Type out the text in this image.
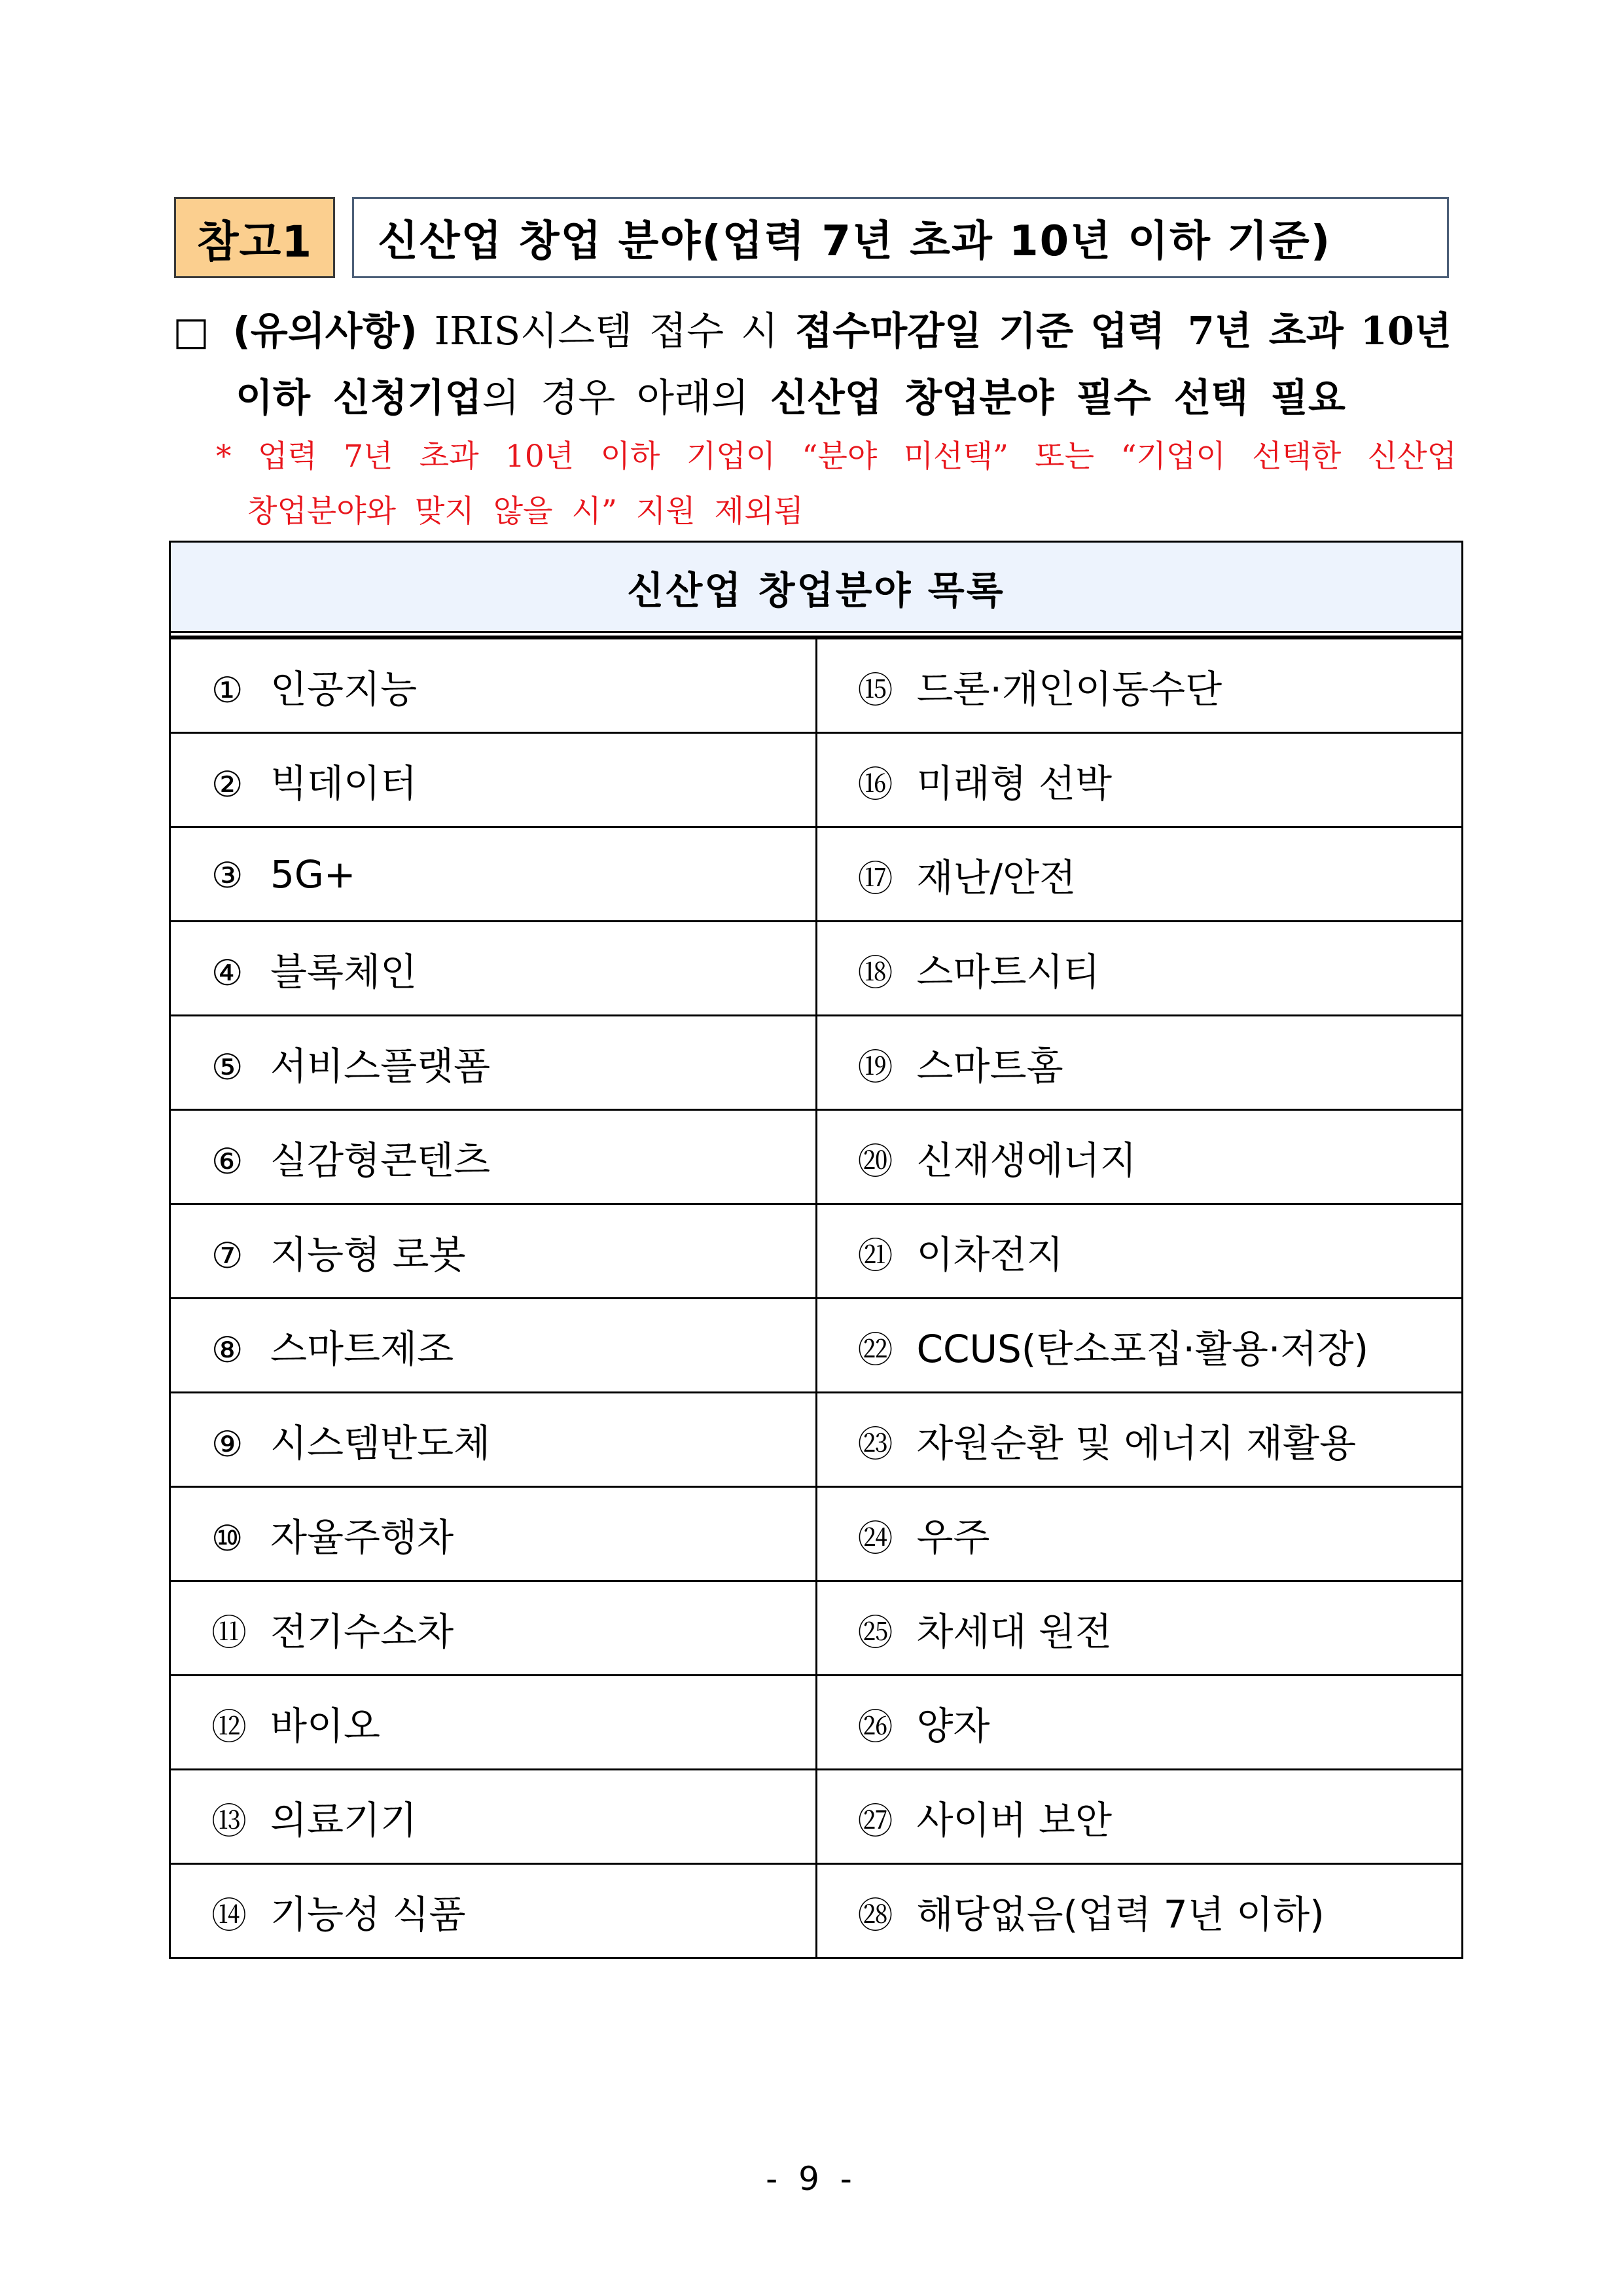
참고1	신산업 창업 분야(업력 7년 초과 10년 이하 기준)
□ (유의사항) IRIS시스템 접수 시 접수마감일 기준 업력 7년 초과 10년
이하 신청기업 의 경우 아래의 신산업 창업분야 필수 선택 필요
* 업력 7년 초과 10년 이하 기업이 “분야 미선택” 또는 “기업이 선택한 신산업
창업분야와 맞지 않을 시” 지원 제외됨
신산업 창업분야 목록
① 인공지능	⑮ 드론·개인이동수단
② 빅데이터	⑯ 미래형 선박
③ 5G+	⑰ 재난/안전
④ 블록체인	⑱ 스마트시티
⑤ 서비스플랫폼	⑲ 스마트홈
⑥ 실감형콘텐츠	⑳ 신재생에너지
⑦ 지능형 로봇	㉑ 이차전지
⑧ 스마트제조	㉒ CCUS(탄소포집·활용·저장)
⑨ 시스템반도체	㉓ 자원순환 및 에너지 재활용
⑩ 자율주행차	㉔ 우주
⑪ 전기수소차	㉕ 차세대 원전
⑫ 바이오	㉖ 양자
⑬ 의료기기	㉗ 사이버 보안
⑭ 기능성 식품	㉘ 해당없음(업력 7년 이하)
- 9 -
